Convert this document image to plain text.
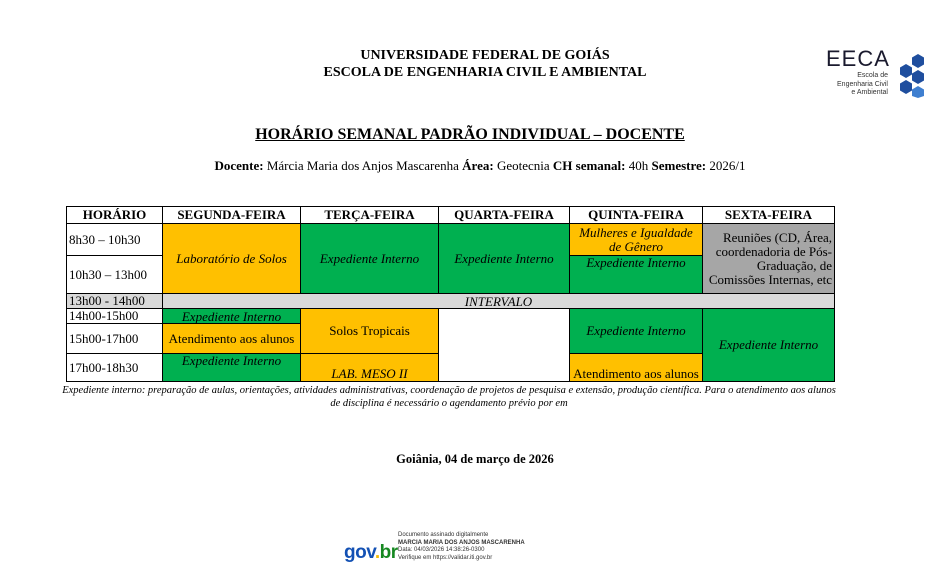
UNIVERSIDADE FEDERAL DE GOIÁS
ESCOLA DE ENGENHARIA CIVIL E AMBIENTAL
EECA
Escola de
Engenharia Civil
e Ambiental
HORÁRIO SEMANAL PADRÃO INDIVIDUAL – DOCENTE
Docente: Márcia Maria dos Anjos Mascarenha Área: Geotecnia CH semanal: 40h Semestre: 2026/1
HORÁRIO	SEGUNDA-FEIRA	TERÇA-FEIRA	QUARTA-FEIRA	QUINTA-FEIRA	SEXTA-FEIRA
8h30 – 10h30	Laboratório de Solos	Expediente Interno	Expediente Interno	Mulheres e Igualdade de Gênero	Reuniões (CD, Área, coordenadoria de Pós-Graduação, de Comissões Internas, etc

10h30 – 13h00				Expediente Interno	

13h00 - 14h00	INTERVALO				
14h00-15h00	Expediente Interno	Solos Tropicais		Expediente Interno	Expediente Interno
15h00-17h00	Atendimento aos alunos				
17h00-18h30	Expediente Interno	LAB. MESO II		Atendimento aos alunos	
Expediente interno: preparação de aulas, orientações, atividades administrativas, coordenação de projetos de pesquisa e extensão, produção científica. Para o atendimento aos alunos de disciplina é necessário o agendamento prévio por em
Goiânia, 04 de março de 2026
gov.br
Documento assinado digitalmente
MARCIA MARIA DOS ANJOS MASCARENHA
Data: 04/03/2026 14:38:26-0300
Verifique em https://validar.iti.gov.br
